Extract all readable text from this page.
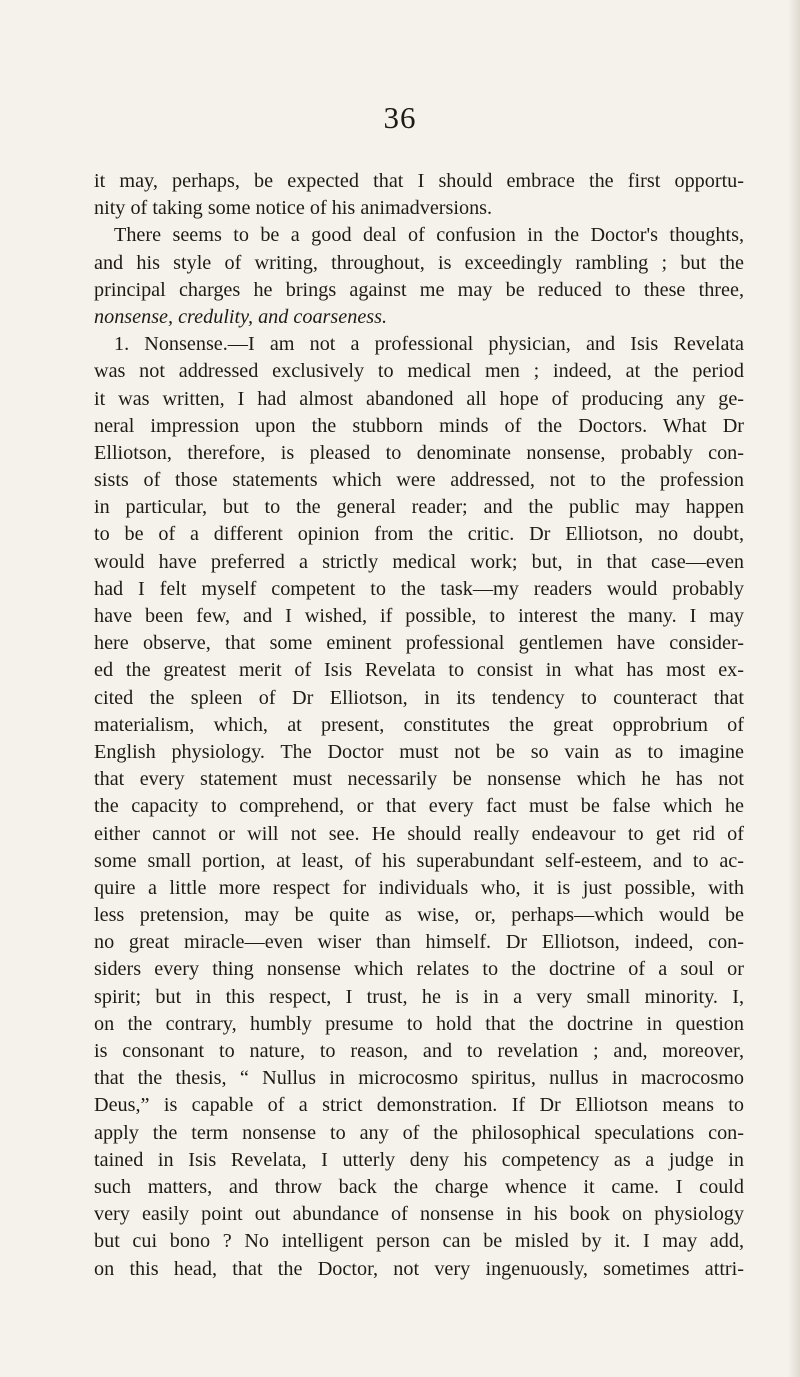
36
it may, perhaps, be expected that I should embrace the first opportu-
nity of taking some notice of his animadversions.
There seems to be a good deal of confusion in the Doctor's thoughts,
and his style of writing, throughout, is exceedingly rambling ; but the
principal charges he brings against me may be reduced to these three,
nonsense, credulity, and coarseness.
1. Nonsense.—I am not a professional physician, and Isis Revelata
was not addressed exclusively to medical men ; indeed, at the period
it was written, I had almost abandoned all hope of producing any ge-
neral impression upon the stubborn minds of the Doctors. What Dr
Elliotson, therefore, is pleased to denominate nonsense, probably con-
sists of those statements which were addressed, not to the profession
in particular, but to the general reader; and the public may happen
to be of a different opinion from the critic. Dr Elliotson, no doubt,
would have preferred a strictly medical work; but, in that case—even
had I felt myself competent to the task—my readers would probably
have been few, and I wished, if possible, to interest the many. I may
here observe, that some eminent professional gentlemen have consider-
ed the greatest merit of Isis Revelata to consist in what has most ex-
cited the spleen of Dr Elliotson, in its tendency to counteract that
materialism, which, at present, constitutes the great opprobrium of
English physiology. The Doctor must not be so vain as to imagine
that every statement must necessarily be nonsense which he has not
the capacity to comprehend, or that every fact must be false which he
either cannot or will not see. He should really endeavour to get rid of
some small portion, at least, of his superabundant self-esteem, and to ac-
quire a little more respect for individuals who, it is just possible, with
less pretension, may be quite as wise, or, perhaps—which would be
no great miracle—even wiser than himself. Dr Elliotson, indeed, con-
siders every thing nonsense which relates to the doctrine of a soul or
spirit; but in this respect, I trust, he is in a very small minority. I,
on the contrary, humbly presume to hold that the doctrine in question
is consonant to nature, to reason, and to revelation ; and, moreover,
that the thesis, “ Nullus in microcosmo spiritus, nullus in macrocosmo
Deus,” is capable of a strict demonstration. If Dr Elliotson means to
apply the term nonsense to any of the philosophical speculations con-
tained in Isis Revelata, I utterly deny his competency as a judge in
such matters, and throw back the charge whence it came. I could
very easily point out abundance of nonsense in his book on physiology
but cui bono ? No intelligent person can be misled by it. I may add,
on this head, that the Doctor, not very ingenuously, sometimes attri-
